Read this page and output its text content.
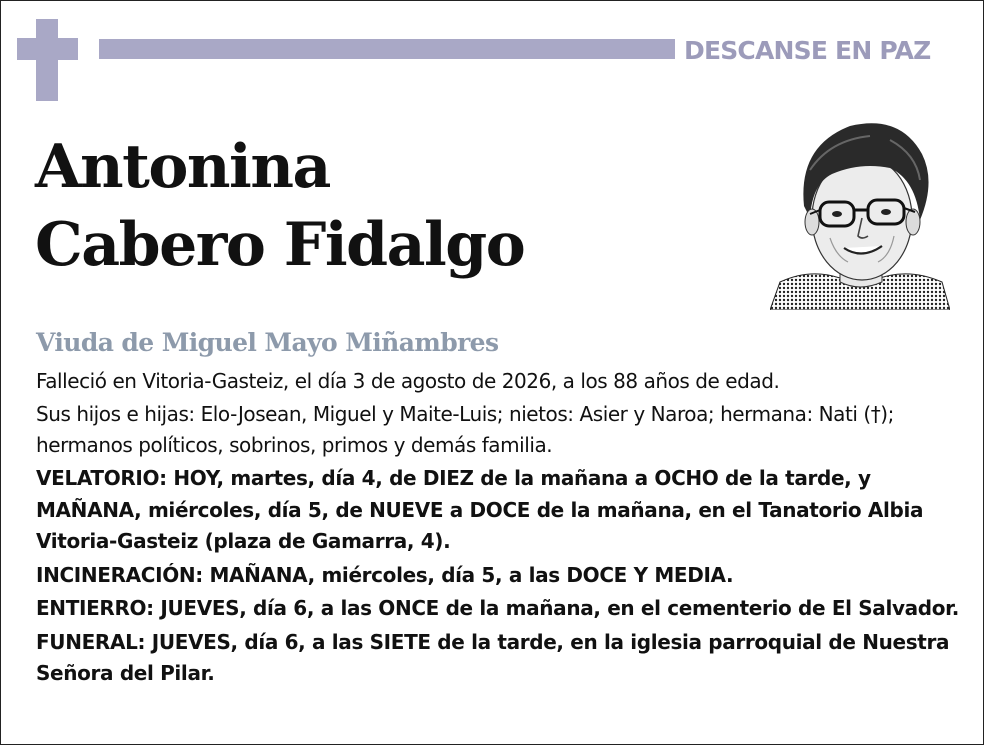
DESCANSE EN PAZ
Antonina
Cabero Fidalgo
Viuda de Miguel Mayo Miñambres

Falleció en Vitoria-Gasteiz, el día 3 de agosto de 2026, a los 88 años de edad.

Sus hijos e hijas: Elo-Josean, Miguel y Maite-Luis; nietos: Asier y Naroa; hermana: Nati (†); hermanos políticos, sobrinos, primos y demás familia.

VELATORIO: HOY, martes, día 4, de DIEZ de la mañana a OCHO de la tarde, y MAÑANA, miércoles, día 5, de NUEVE a DOCE de la mañana, en el Tanatorio Albia Vitoria-Gasteiz (plaza de Gamarra, 4).

INCINERACIÓN: MAÑANA, miércoles, día 5, a las DOCE Y MEDIA.

ENTIERRO: JUEVES, día 6, a las ONCE de la mañana, en el cementerio de El Salvador.

FUNERAL: JUEVES, día 6, a las SIETE de la tarde, en la iglesia parroquial de Nuestra Señora del Pilar.
